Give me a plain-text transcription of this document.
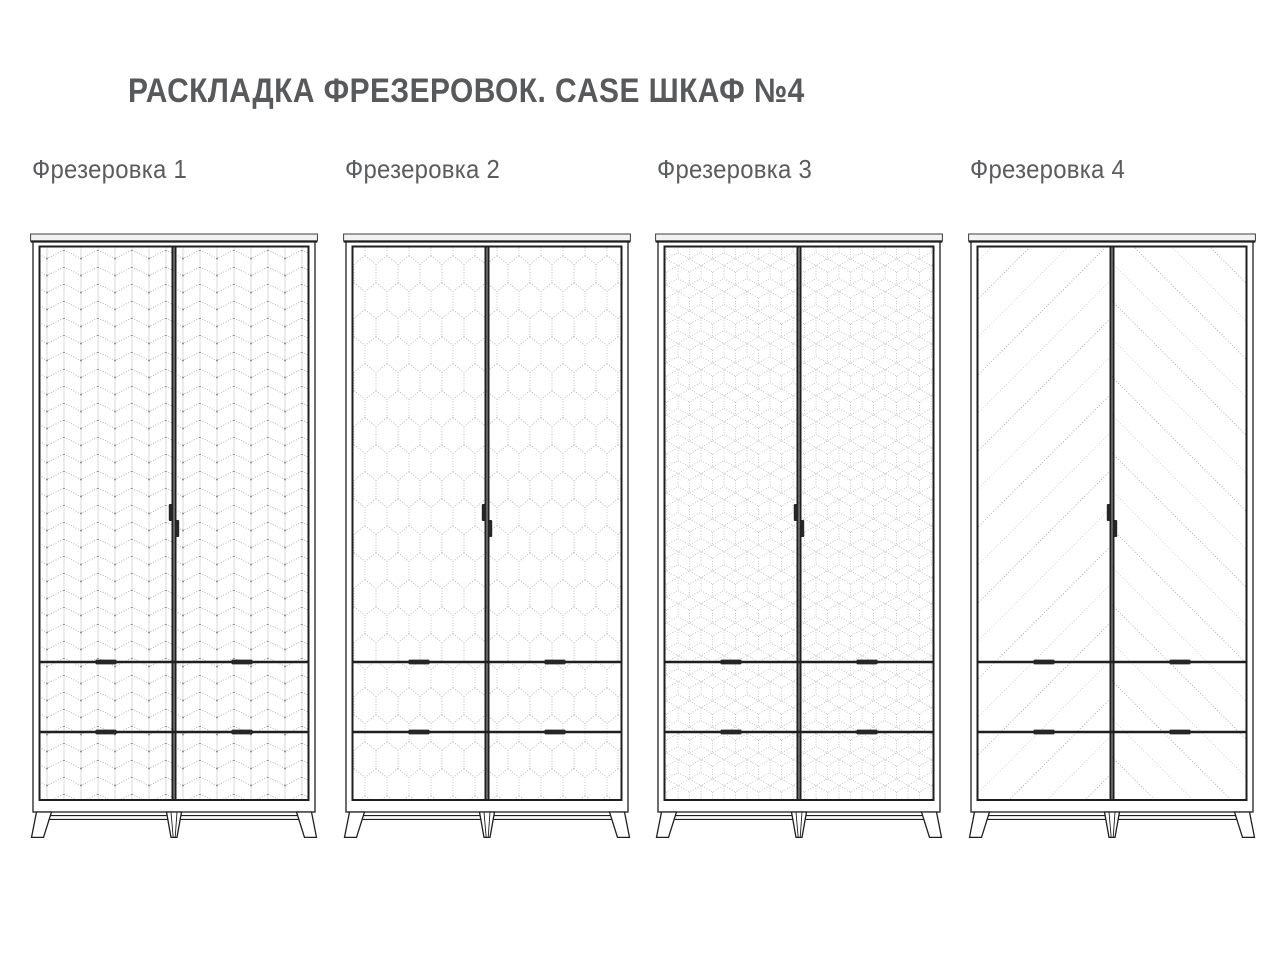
РАСКЛАДКА ФРЕЗЕРОВОК. CASE ШКАФ №4
Фрезеровка 1	Фрезеровка 2	Фрезеровка 3	Фрезеровка 4
